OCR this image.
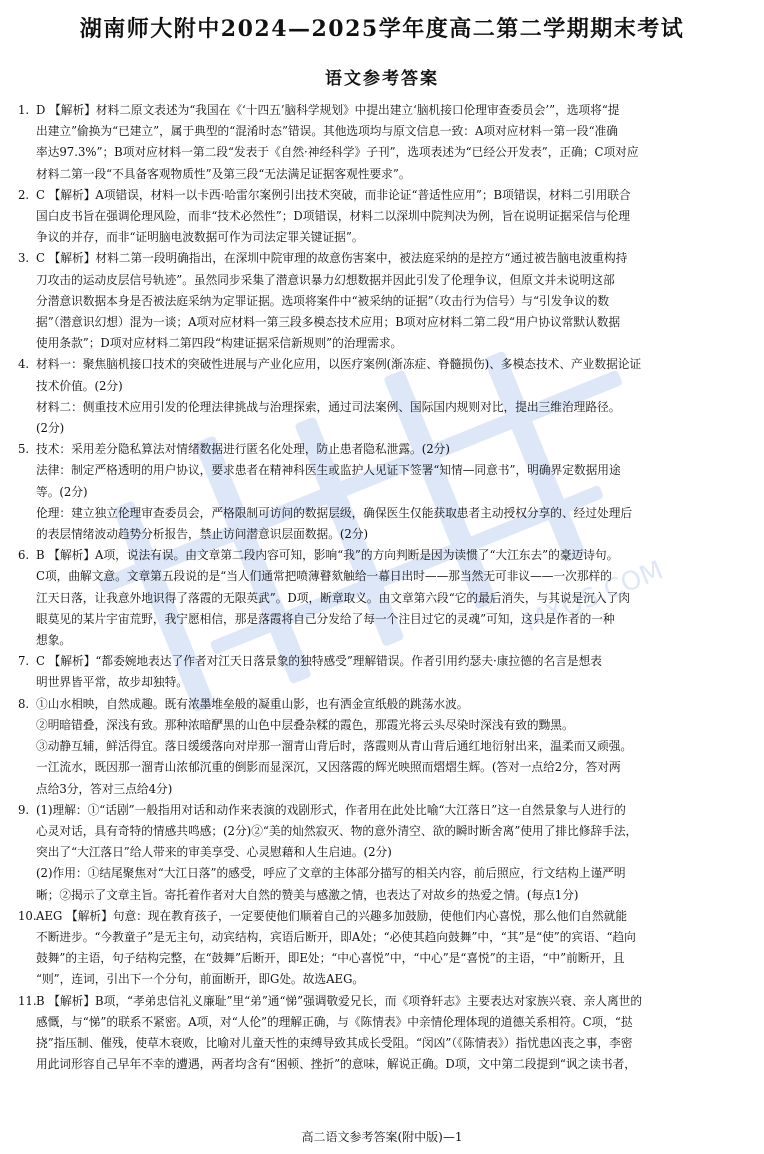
MXQS.COM
湖南师大附中2024—2025学年度高二第二学期期末考试
语文参考答案
1. D 【解析】材料二原文表述为“我国在《‘十四五’脑科学规划》中提出建立‘脑机接口伦理审查委员会’”，选项将“提
出建立”偷换为“已建立”，属于典型的“混淆时态”错误。其他选项均与原文信息一致：A项对应材料一第一段“准确
率达97.3%”；B项对应材料一第二段“发表于《自然·神经科学》子刊”，选项表述为“已经公开发表”，正确；C项对应
材料二第一段“不具备客观物质性”及第三段“无法满足证据客观性要求”。
2. C 【解析】A项错误，材料一以卡西·哈雷尔案例引出技术突破，而非论证“普适性应用”；B项错误，材料二引用联合
国白皮书旨在强调伦理风险，而非“技术必然性”；D项错误，材料二以深圳中院判决为例，旨在说明证据采信与伦理
争议的并存，而非“证明脑电波数据可作为司法定罪关键证据”。
3. C 【解析】材料二第一段明确指出，在深圳中院审理的故意伤害案中，被法庭采纳的是控方“通过被告脑电波重构持
刀攻击的运动皮层信号轨迹”。虽然同步采集了潜意识暴力幻想数据并因此引发了伦理争议，但原文并未说明这部
分潜意识数据本身是否被法庭采纳为定罪证据。选项将案件中“被采纳的证据”（攻击行为信号）与“引发争议的数
据”（潜意识幻想）混为一谈；A项对应材料一第三段多模态技术应用；B项对应材料二第二段“用户协议常默认数据
使用条款”；D项对应材料二第四段“构建证据采信新规则”的治理需求。
4. 材料一：聚焦脑机接口技术的突破性进展与产业化应用，以医疗案例(渐冻症、脊髓损伤)、多模态技术、产业数据论证
技术价值。(2分)
材料二：侧重技术应用引发的伦理法律挑战与治理探索，通过司法案例、国际国内规则对比，提出三维治理路径。
(2分)
5. 技术：采用差分隐私算法对情绪数据进行匿名化处理，防止患者隐私泄露。(2分)
法律：制定严格透明的用户协议，要求患者在精神科医生或监护人见证下签署“知情—同意书”，明确界定数据用途
等。(2分)
伦理：建立独立伦理审查委员会，严格限制可访问的数据层级，确保医生仅能获取患者主动授权分享的、经过处理后
的表层情绪波动趋势分析报告，禁止访问潜意识层面数据。(2分)
6. B 【解析】A项，说法有误。由文章第二段内容可知，影响“我”的方向判断是因为读惯了“大江东去”的豪迈诗句。
C项，曲解文意。文章第五段说的是“当人们通常把喷薄瞽欬触给一幕日出时——那当然无可非议——一次那样的
江天日落，让我意外地识得了落霞的无限英武”。D项，断章取义。由文章第六段“它的最后消失，与其说是沉入了肉
眼莫见的某片宇宙荒野，我宁愿相信，那是落霞将自己分发给了每一个注目过它的灵魂”可知，这只是作者的一种
想象。
7. C 【解析】“都委婉地表达了作者对江天日落景象的独特感受”理解错误。作者引用约瑟夫·康拉德的名言是想表
明世界皆平常，故步却独特。
8. ①山水相映，自然成趣。既有浓墨堆垒般的凝重山影，也有洒金宣纸般的跳荡水波。
②明暗错叠，深浅有致。那种浓暗酽黑的山色中层叠杂糅的霞色，那霞光将云头尽染时深浅有致的黝黑。
③动静互辅，鲜活得宜。落日缓缓落向对岸那一溜青山背后时，落霞则从青山背后通红地衍射出来，温柔而又顽强。
一江流水，既因那一溜青山浓郁沉重的倒影而显深沉，又因落霞的辉光映照而熠熠生辉。(答对一点给2分，答对两
点给3分，答对三点给4分)
9. (1)理解：①“话剧”一般指用对话和动作来表演的戏剧形式，作者用在此处比喻“大江落日”这一自然景象与人进行的
心灵对话，具有奇特的情感共鸣感；(2分)②“美的灿然寂灭、物的意外清空、欲的瞬时断舍离”使用了排比修辞手法，
突出了“大江落日”给人带来的审美享受、心灵慰藉和人生启迪。(2分)
(2)作用：①结尾聚焦对“大江日落”的感受，呼应了文章的主体部分描写的相关内容，前后照应，行文结构上谨严明
晰；②揭示了文章主旨。寄托着作者对大自然的赞美与感激之情，也表达了对故乡的热爱之情。(每点1分)
10. AEG 【解析】句意：现在教育孩子，一定要使他们顺着自己的兴趣多加鼓励，使他们内心喜悦，那么他们自然就能
不断进步。“今教童子”是无主句，动宾结构，宾语后断开，即A处；“必使其趋向鼓舞”中，“其”是“使”的宾语、“趋向
鼓舞”的主语，句子结构完整，在“鼓舞”后断开，即E处；“中心喜悦”中，“中心”是“喜悦”的主语，“中”前断开，且
“则”，连词，引出下一个分句，前面断开，即G处。故选AEG。
11. B 【解析】B项，“孝弟忠信礼义廉耻”里“弟”通“悌”强调敬爱兄长，而《项脊轩志》主要表达对家族兴衰、亲人离世的
感慨，与“悌”的联系不紧密。A项，对“人伦”的理解正确，与《陈情表》中亲情伦理体现的道德关系相符。C项，“挞
挠”指压制、催残，使草木衰败，比喻对儿童天性的束缚导致其成长受阻。“闵凶”（《陈情表》）指忧患凶丧之事，李密
用此词形容自己早年不幸的遭遇，两者均含有“困顿、挫折”的意味，解说正确。D项，文中第二段提到“讽之读书者，
高二语文参考答案(附中版)—1
